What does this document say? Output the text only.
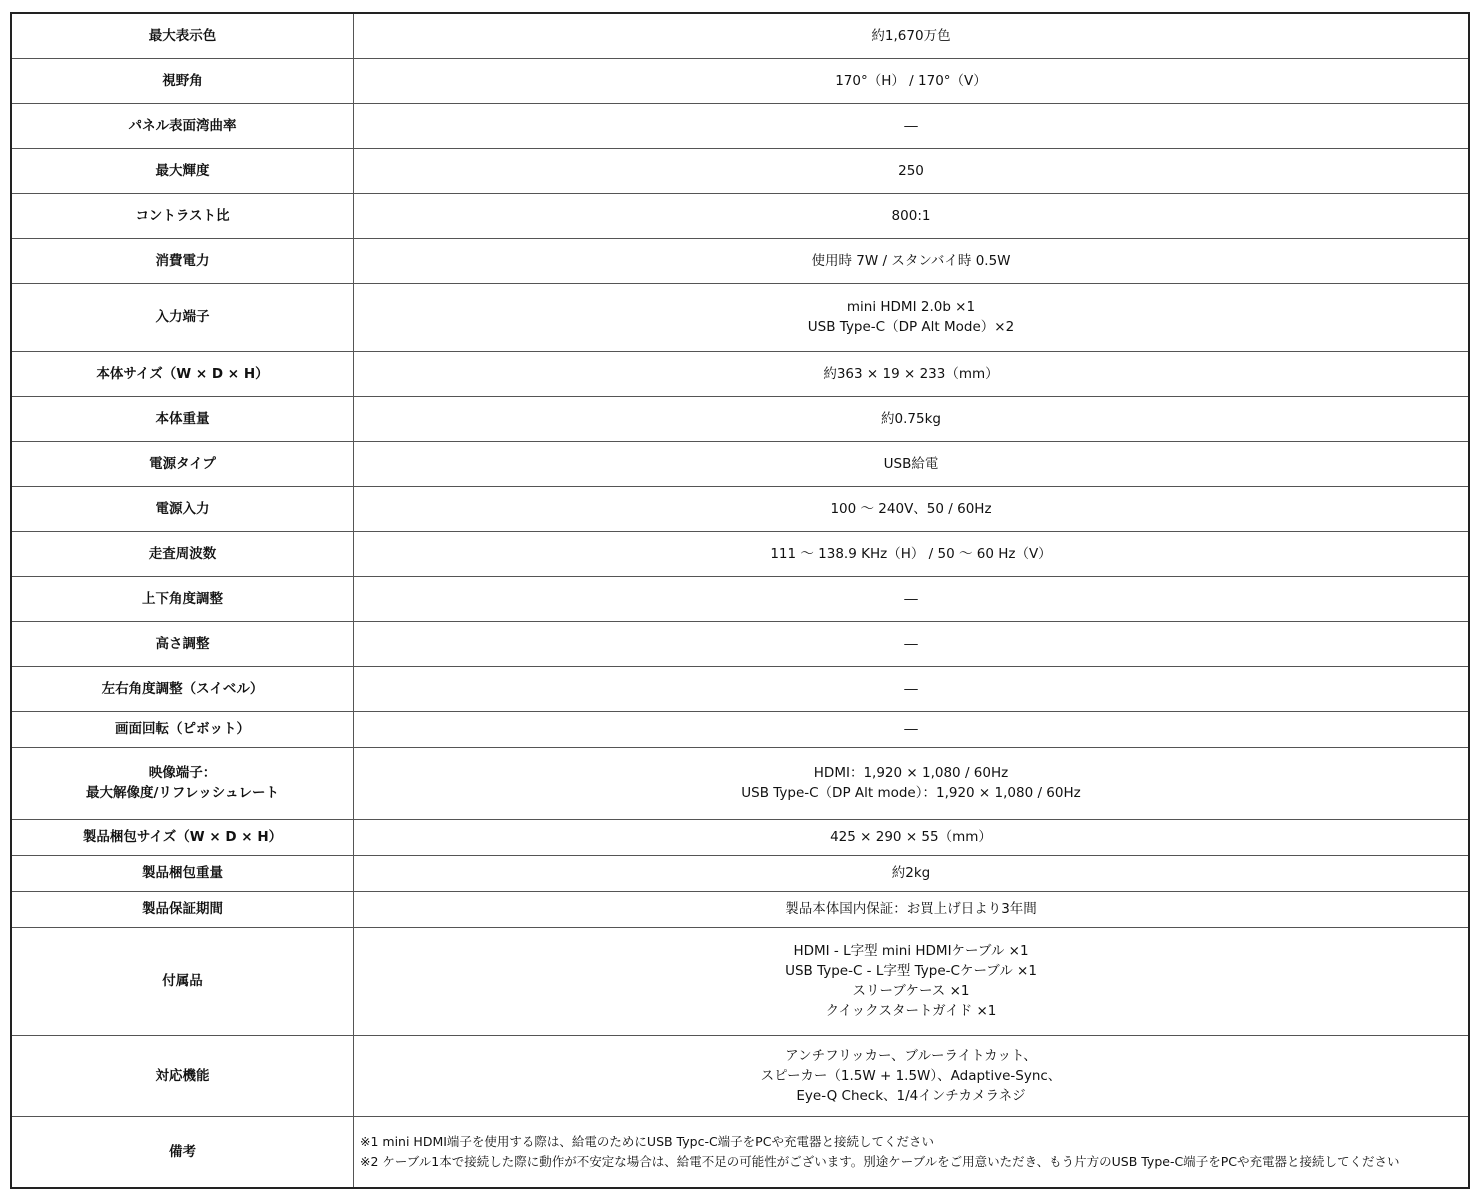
最大表示色	約1,670万色

視野角	170°（H） / 170°（V）

パネル表面湾曲率	―

最大輝度	250

コントラスト比	800:1

消費電力	使用時 7W / スタンバイ時 0.5W

入力端子	mini HDMI 2.0b ×1
USB Type-C（DP Alt Mode）×2

本体サイズ（W × D × H）	約363 × 19 × 233（mm）

本体重量	約0.75kg

電源タイプ	USB給電

電源入力	100 ～ 240V、50 / 60Hz

走査周波数	111 ～ 138.9 KHz（H） / 50 ～ 60 Hz（V）

上下角度調整	―

高さ調整	―

左右角度調整（スイベル）	―

画面回転（ピボット）	―

映像端子：
最大解像度/リフレッシュレート	HDMI：1,920 × 1,080 / 60Hz
USB Type-C（DP Alt mode）：1,920 × 1,080 / 60Hz

製品梱包サイズ（W × D × H）	425 × 290 × 55（mm）

製品梱包重量	約2kg

製品保証期間	製品本体国内保証：お買上げ日より3年間

付属品	HDMI - L字型 mini HDMIケーブル ×1
USB Type-C - L字型 Type-Cケーブル ×1
スリーブケース ×1
クイックスタートガイド ×1

対応機能	アンチフリッカー、ブルーライトカット、
スピーカー（1.5W + 1.5W）、Adaptive-Sync、
Eye-Q Check、1/4インチカメラネジ

備考	※1 mini HDMI端子を使用する際は、給電のためにUSB Typc-C端子をPCや充電器と接続してください
※2 ケーブル1本で接続した際に動作が不安定な場合は、給電不足の可能性がございます。別途ケーブルをご用意いただき、もう片方のUSB Type-C端子をPCや充電器と接続してください
